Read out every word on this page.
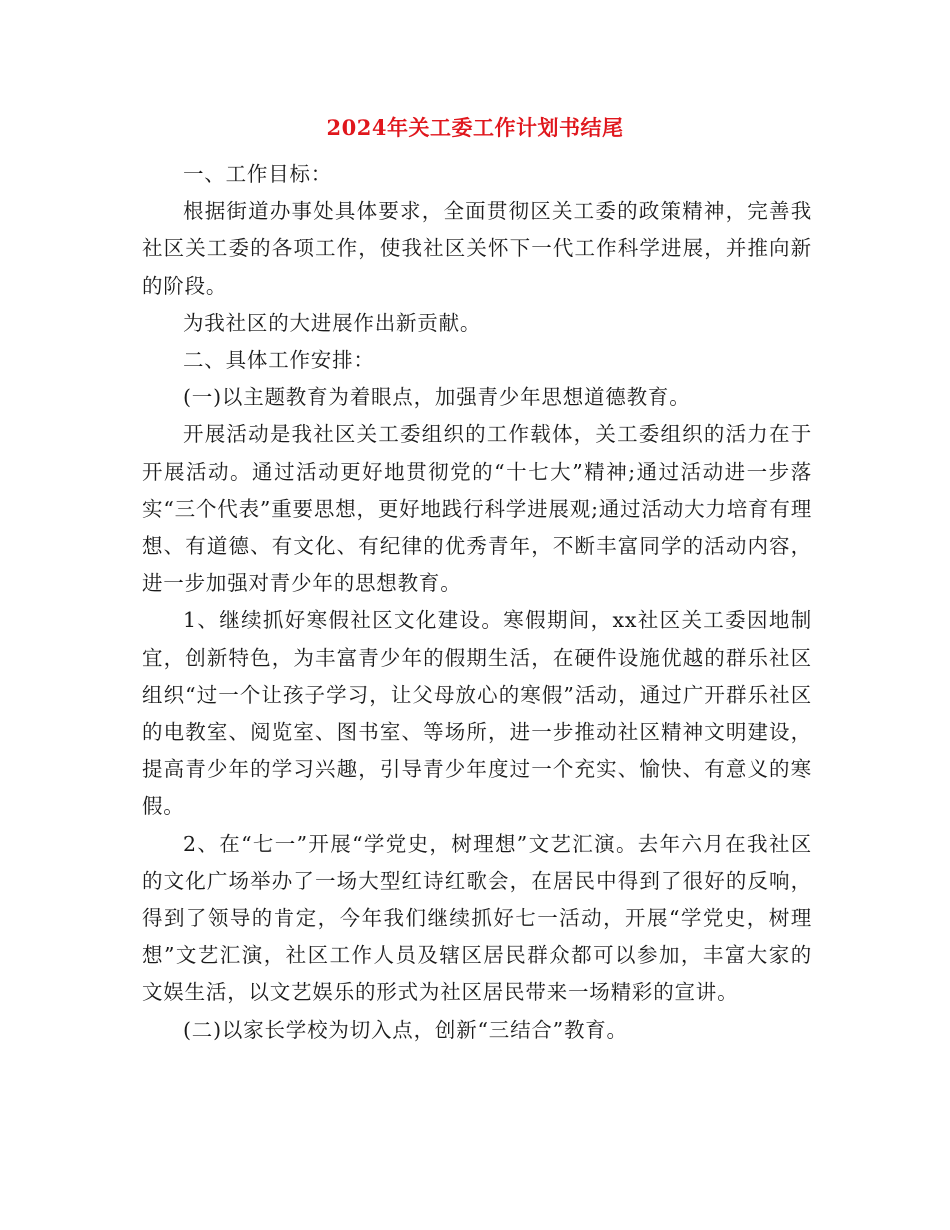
2024年关工委工作计划书结尾

一、工作目标：

根据街道办事处具体要求，全面贯彻区关工委的政策精神，完善我社区关工委的各项工作，使我社区关怀下一代工作科学进展，并推向新的阶段。

为我社区的大进展作出新贡献。

二、具体工作安排：

(一)以主题教育为着眼点，加强青少年思想道德教育。

开展活动是我社区关工委组织的工作载体，关工委组织的活力在于开展活动。通过活动更好地贯彻党的“十七大”精神;通过活动进一步落实“三个代表”重要思想，更好地践行科学进展观;通过活动大力培育有理想、有道德、有文化、有纪律的优秀青年，不断丰富同学的活动内容，进一步加强对青少年的思想教育。

1、继续抓好寒假社区文化建设。寒假期间，xx社区关工委因地制宜，创新特色，为丰富青少年的假期生活，在硬件设施优越的群乐社区组织“过一个让孩子学习，让父母放心的寒假”活动，通过广开群乐社区的电教室、阅览室、图书室、等场所，进一步推动社区精神文明建设，提高青少年的学习兴趣，引导青少年度过一个充实、愉快、有意义的寒假。

2、在“七一”开展“学党史，树理想”文艺汇演。去年六月在我社区的文化广场举办了一场大型红诗红歌会，在居民中得到了很好的反响，得到了领导的肯定，今年我们继续抓好七一活动，开展“学党史，树理想”文艺汇演，社区工作人员及辖区居民群众都可以参加，丰富大家的文娱生活，以文艺娱乐的形式为社区居民带来一场精彩的宣讲。

(二)以家长学校为切入点，创新“三结合”教育。
